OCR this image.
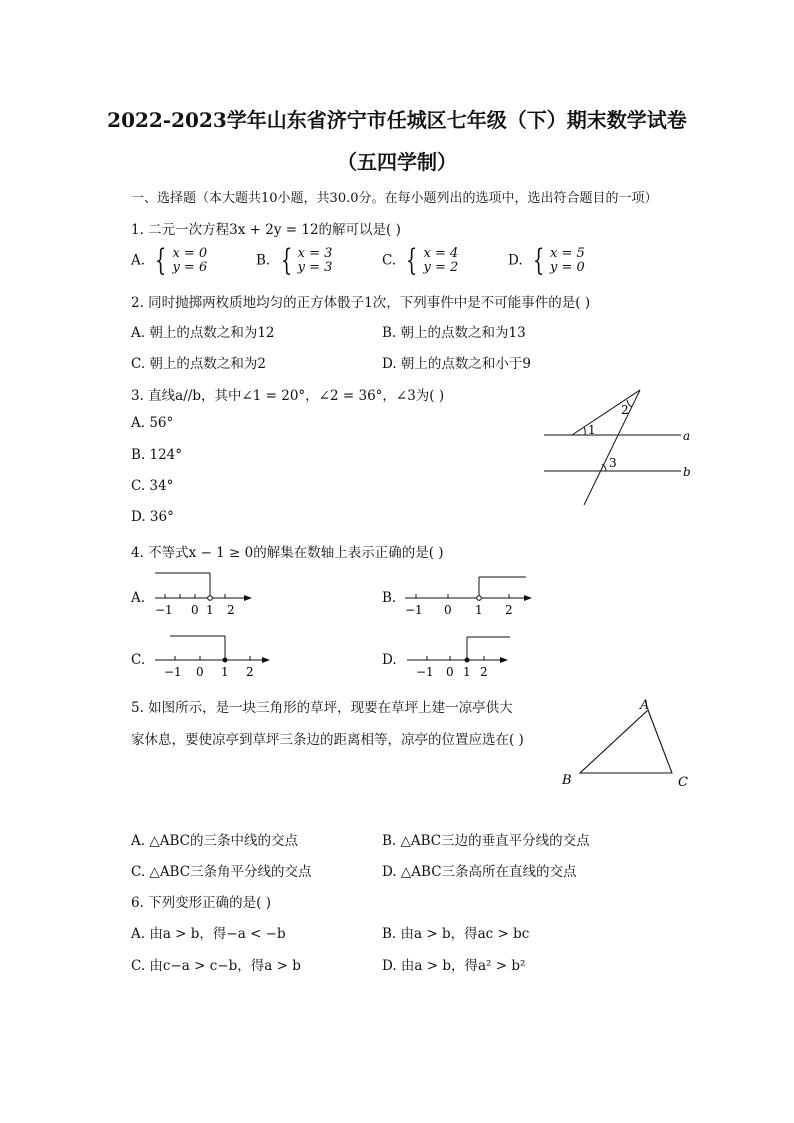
2022-2023学年山东省济宁市任城区七年级（下）期末数学试卷
（五四学制）
一、选择题（本大题共10小题，共30.0分。在每小题列出的选项中，选出符合题目的一项）
1. 二元一次方程3x + 2y = 12的解可以是( )
A. { x = 0
y = 6	B. { x = 3
y = 3	C. { x = 4
y = 2	D. { x = 5
y = 0
2. 同时抛掷两枚质地均匀的正方体骰子1次，下列事件中是不可能事件的是( )
A. 朝上的点数之和为12	B. 朝上的点数之和为13
C. 朝上的点数之和为2	D. 朝上的点数之和小于9
3. 直线a//b，其中∠1 = 20°，∠2 = 36°，∠3为( )
A. 56°
B. 124°
C. 34°
D. 36°
1
2
3
a
b
4. 不等式x − 1 ≥ 0的解集在数轴上表示正确的是( )
A.
−1 0 1 2
B.
−1 0 1 2
C.
−1 0 1 2
D.
−1 0 1 2
5. 如图所示，是一块三角形的草坪，现要在草坪上建一凉亭供大
家休息，要使凉亭到草坪三条边的距离相等，凉亭的位置应选在( )
A
B	C
A. △ABC的三条中线的交点	B. △ABC三边的垂直平分线的交点
C. △ABC三条角平分线的交点	D. △ABC三条高所在直线的交点
6. 下列变形正确的是( )
A. 由a > b，得−a < −b	B. 由a > b，得ac > bc
C. 由c−a > c−b，得a > b	D. 由a > b，得a² > b²
